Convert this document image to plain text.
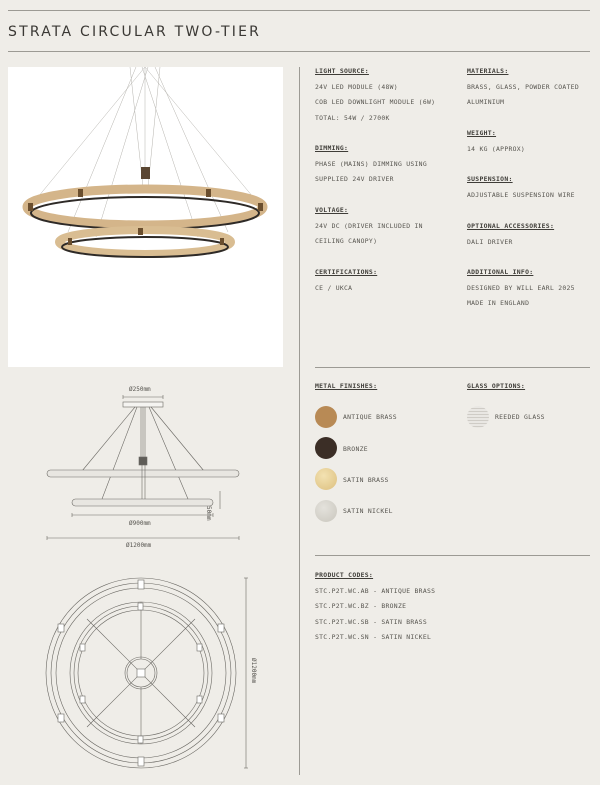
STRATA CIRCULAR TWO-TIER
LIGHT SOURCE:
24V LED MODULE (48W)
COB LED DOWNLIGHT MODULE (6W)
TOTAL: 54W / 2700K
DIMMING:
PHASE (MAINS) DIMMING USING
SUPPLIED 24V DRIVER
VOLTAGE:
24V DC (DRIVER INCLUDED IN
CEILING CANOPY)
CERTIFICATIONS:
CE / UKCA
MATERIALS:
BRASS, GLASS, POWDER COATED
ALUMINIUM
WEIGHT:
14 KG (APPROX)
SUSPENSION:
ADJUSTABLE SUSPENSION WIRE
OPTIONAL ACCESSORIES:
DALI DRIVER
ADDITIONAL INFO:
DESIGNED BY WILL EARL 2025
MADE IN ENGLAND
METAL FINISHES:
ANTIQUE BRASS
BRONZE
SATIN BRASS
SATIN NICKEL
GLASS OPTIONS:
REEDED GLASS
PRODUCT CODES:
STC.P2T.WC.AB - ANTIQUE BRASS
STC.P2T.WC.BZ - BRONZE
STC.P2T.WC.SB - SATIN BRASS
STC.P2T.WC.SN - SATIN NICKEL
Ø250mm
50mm
Ø900mm
Ø1200mm
Ø1200mm
